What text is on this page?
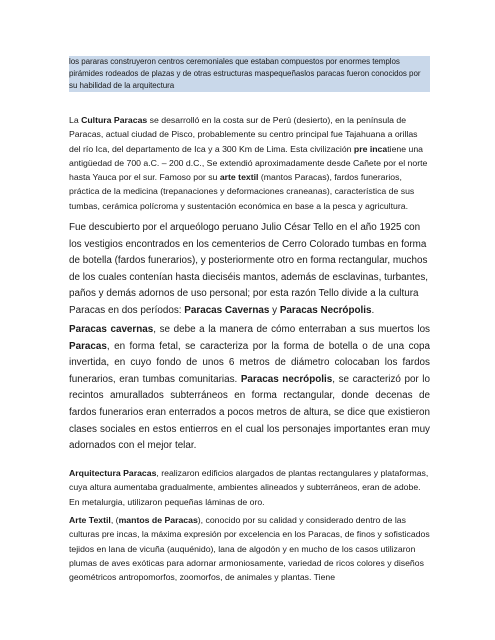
los pararas construyeron centros ceremoniales que estaban compuestos por enormes templos pirámides rodeados de plazas y de otras estructuras maspequeñaslos paracas fueron conocidos por su habilidad de la arquitectura

La Cultura Paracas se desarrolló en la costa sur de Perú (desierto), en la península de Paracas, actual ciudad de Pisco, probablemente su centro principal fue Tajahuana a orillas del río Ica, del departamento de Ica y a 300 Km de Lima. Esta civilización pre incatiene una antigüedad de 700 a.C. – 200 d.C., Se extendió aproximadamente desde Cañete por el norte hasta Yauca por el sur. Famoso por su arte textil (mantos Paracas), fardos funerarios, práctica de la medicina (trepanaciones y deformaciones craneanas), característica de sus tumbas, cerámica polícroma y sustentación económica en base a la pesca y agricultura.

Fue descubierto por el arqueólogo peruano Julio César Tello en el año 1925 con los vestigios encontrados en los cementerios de Cerro Colorado tumbas en forma de botella (fardos funerarios), y posteriormente otro en forma rectangular, muchos de los cuales contenían hasta dieciséis mantos, además de esclavinas, turbantes, paños y demás adornos de uso personal; por esta razón Tello divide a la cultura Paracas en dos períodos: Paracas Cavernas y Paracas Necrópolis.

Paracas cavernas, se debe a la manera de cómo enterraban a sus muertos los Paracas, en forma fetal, se caracteriza por la forma de botella o de una copa invertida, en cuyo fondo de unos 6 metros de diámetro colocaban los fardos funerarios, eran tumbas comunitarias. Paracas necrópolis, se caracterizó por lo recintos amurallados subterráneos en forma rectangular, donde decenas de fardos funerarios eran enterrados a pocos metros de altura, se dice que existieron clases sociales en estos entierros en el cual los personajes importantes eran muy adornados con el mejor telar.

Arquitectura Paracas, realizaron edificios alargados de plantas rectangulares y plataformas, cuya altura aumentaba gradualmente, ambientes alineados y subterráneos, eran de adobe. En metalurgia, utilizaron pequeñas láminas de oro.

Arte Textil, (mantos de Paracas), conocido por su calidad y considerado dentro de las culturas pre incas, la máxima expresión por excelencia en los Paracas, de finos y sofisticados tejidos en lana de vicuña (auquénido), lana de algodón y en mucho de los casos utilizaron plumas de aves exóticas para adornar armoniosamente, variedad de ricos colores y diseños geométricos antropomorfos, zoomorfos, de animales y plantas. Tiene
